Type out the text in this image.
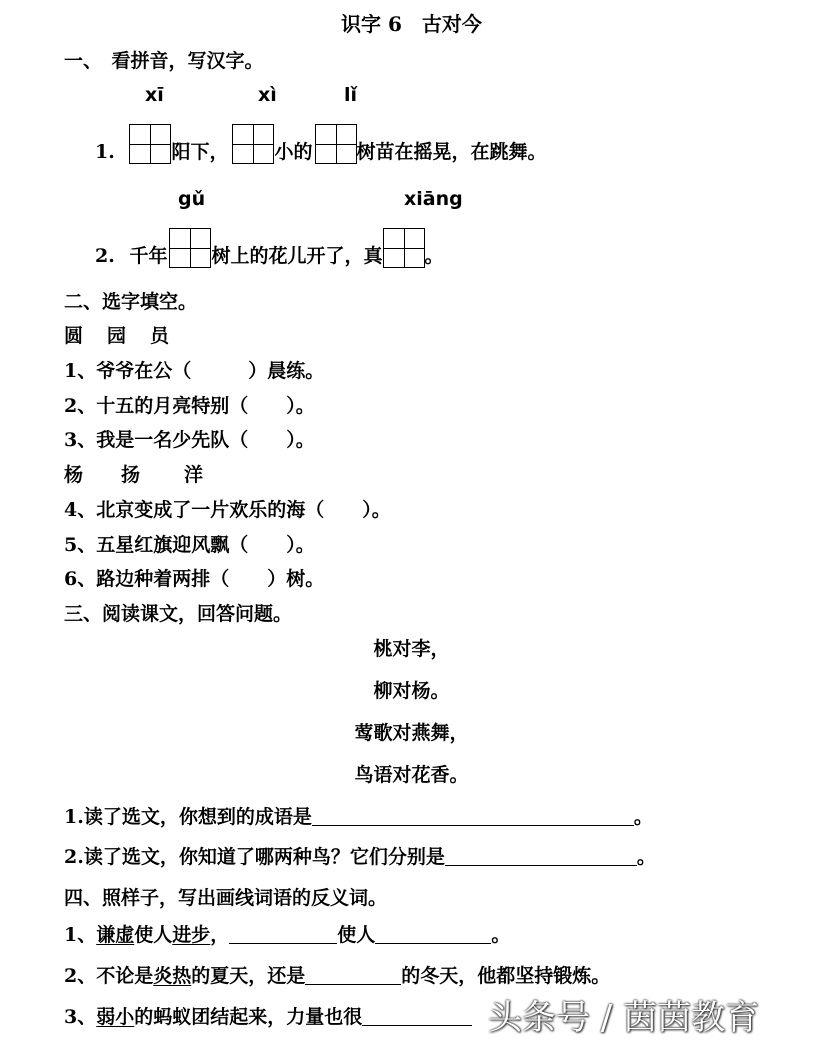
识字 6　古对今
一、　看拼音，写汉字。
xī	xì	lǐ
1.	阳下， 小的 树苗在摇晃，在跳舞。
gǔ	xiāng
2. 千年 树上的花儿开了，真 。
二、选字填空。
圆 园 员
1、爷爷在公（　　　）晨练。
2、十五的月亮特别（　　）。
3、我是一名少先队（　　）。
杨 扬 洋
4、北京变成了一片欢乐的海（　　）。
5、五星红旗迎风飘（　　）。
6、路边种着两排（　　）树。
三、阅读课文，回答问题。
桃对李，
柳对杨。
莺歌对燕舞，
鸟语对花香。
1.读了选文，你想到的成语是	。
2.读了选文，你知道了哪两种鸟？它们分别是	。
四、照样子，写出画线词语的反义词。
1、谦虚使人进步，	使人	。
2、不论是炎热的夏天，还是	的冬天，他都坚持锻炼。
3、弱小的蚂蚁团结起来，力量也很	头条号 / 茵茵教育
